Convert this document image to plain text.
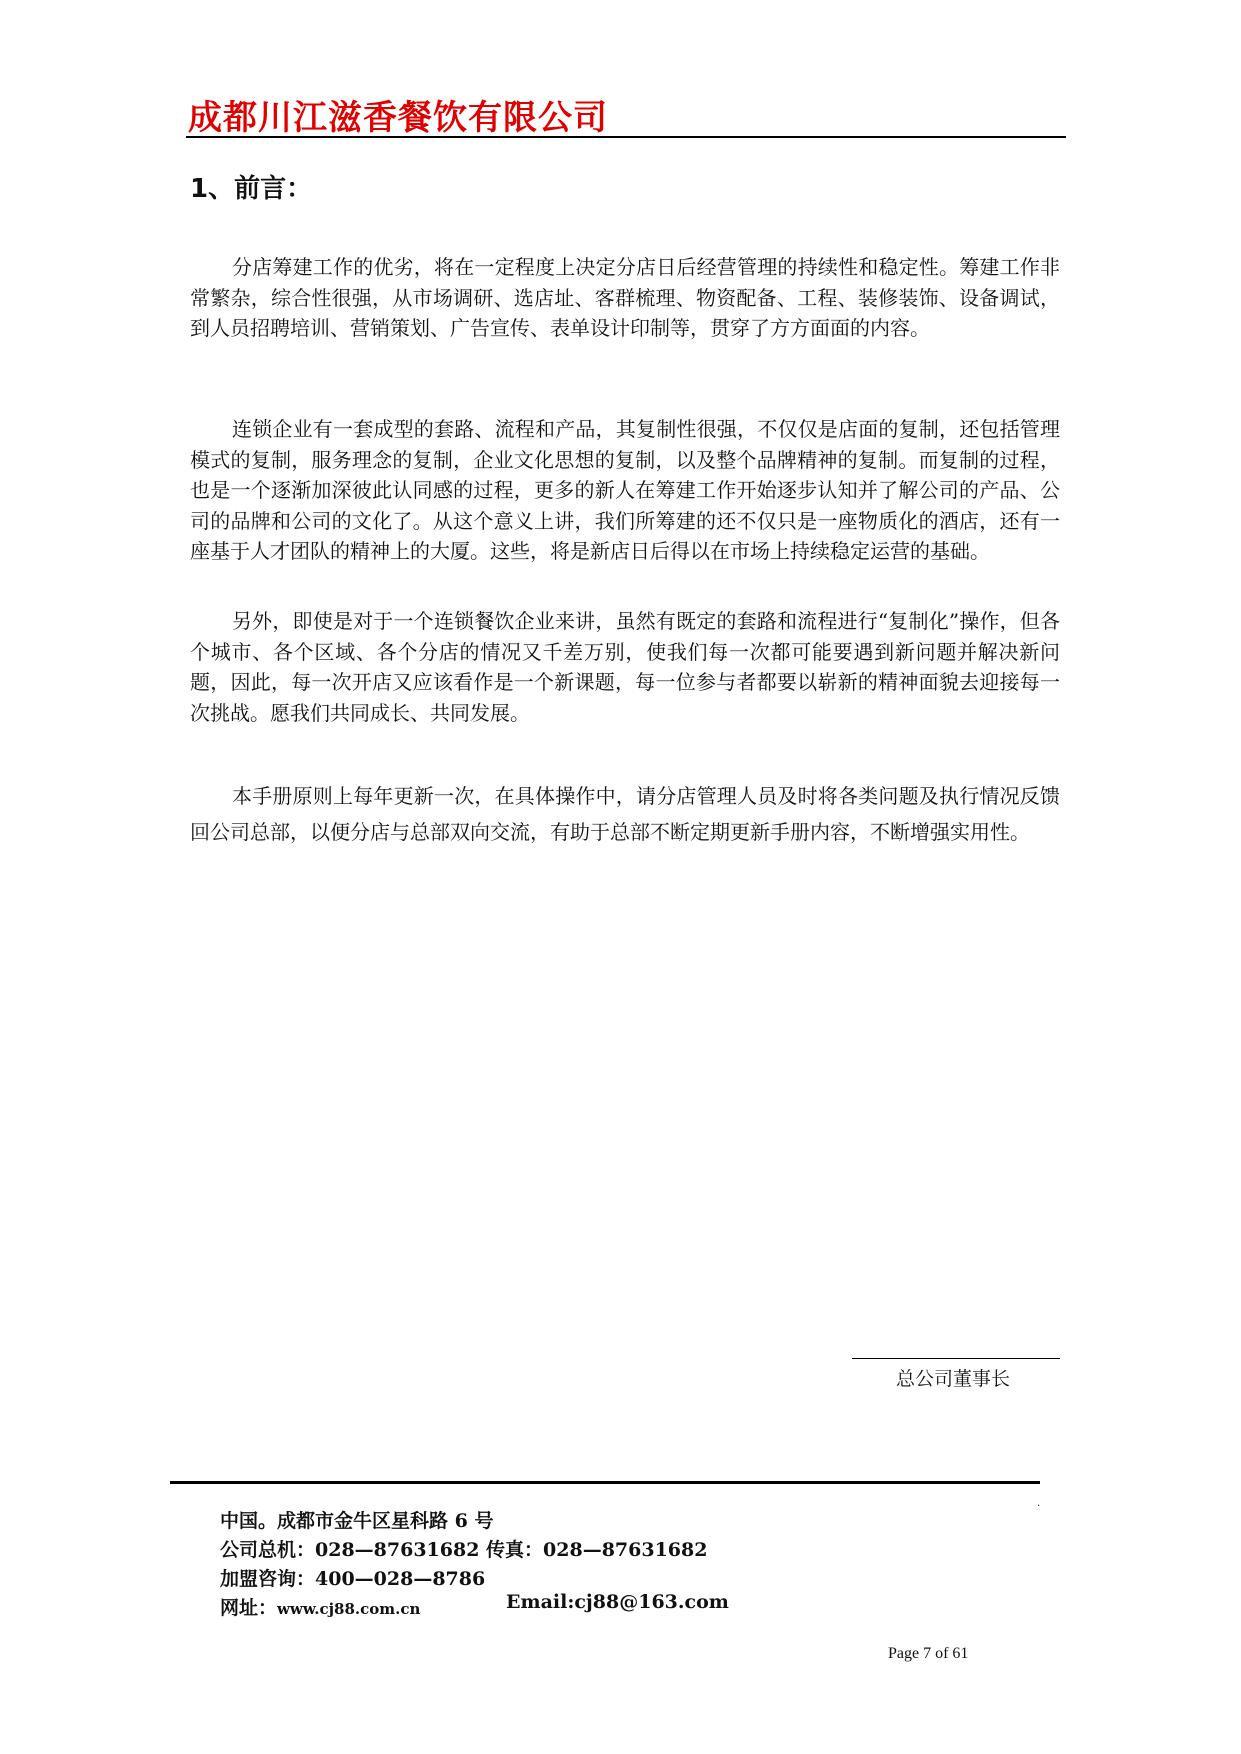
成都川江滋香餐饮有限公司
1、前言：

分店筹建工作的优劣，将在一定程度上决定分店日后经营管理的持续性和稳定性。筹建工作非常繁杂，综合性很强，从市场调研、选店址、客群梳理、物资配备、工程、装修装饰、设备调试，到人员招聘培训、营销策划、广告宣传、表单设计印制等，贯穿了方方面面的内容。

连锁企业有一套成型的套路、流程和产品，其复制性很强，不仅仅是店面的复制，还包括管理模式的复制，服务理念的复制，企业文化思想的复制，以及整个品牌精神的复制。而复制的过程，也是一个逐渐加深彼此认同感的过程，更多的新人在筹建工作开始逐步认知并了解公司的产品、公司的品牌和公司的文化了。从这个意义上讲，我们所筹建的还不仅只是一座物质化的酒店，还有一座基于人才团队的精神上的大厦。这些，将是新店日后得以在市场上持续稳定运营的基础。

另外，即使是对于一个连锁餐饮企业来讲，虽然有既定的套路和流程进行“复制化”操作，但各个城市、各个区域、各个分店的情况又千差万别，使我们每一次都可能要遇到新问题并解决新问题，因此，每一次开店又应该看作是一个新课题，每一位参与者都要以崭新的精神面貌去迎接每一次挑战。愿我们共同成长、共同发展。

本手册原则上每年更新一次，在具体操作中，请分店管理人员及时将各类问题及执行情况反馈回公司总部，以便分店与总部双向交流，有助于总部不断定期更新手册内容，不断增强实用性。

总公司董事长
.
中国。成都市金牛区星科路 6 号
公司总机：028—87631682 传真：028—87631682
加盟咨询：400—028—8786
网址：www.cj88.com.cn	Email:cj88@163.com
Page 7 of 61
